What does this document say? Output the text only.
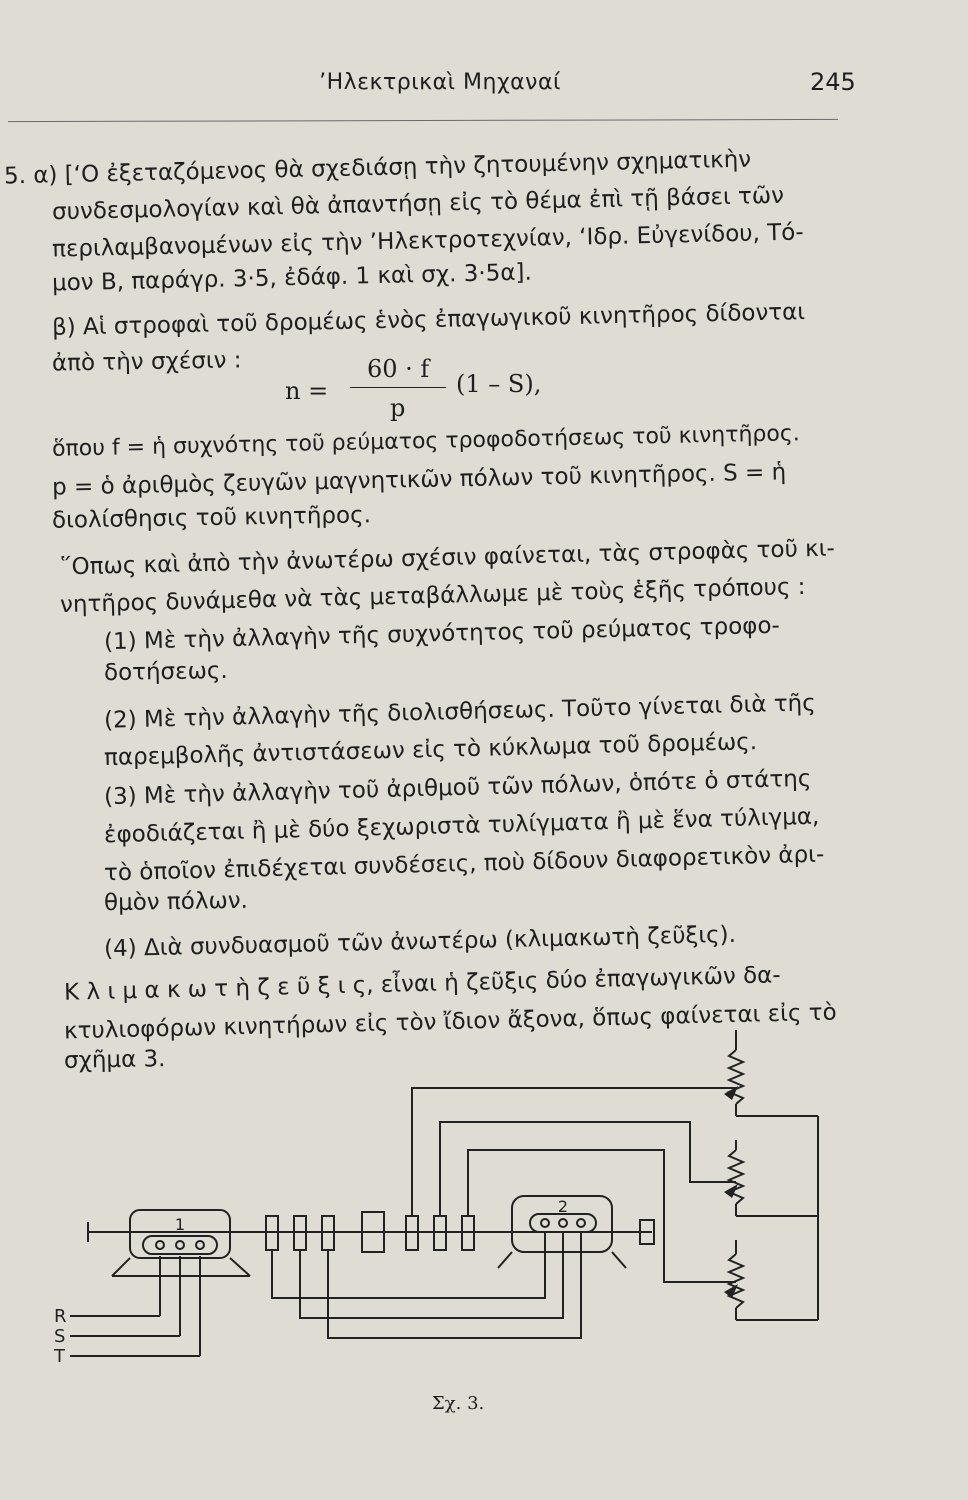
’Ηλεκτρικαὶ Μηχαναί	245
5. α) [‘Ο ἐξεταζόμενος θὰ σχεδιάσῃ τὴν ζητουμένην σχηματικὴν
συνδεσμολογίαν καὶ θὰ ἀπαντήσῃ εἰς τὸ θέμα ἐπὶ τῇ βάσει τῶν
περιλαμβανομένων εἰς τὴν ’Ηλεκτροτεχνίαν, ‘Ιδρ. Εὐγενίδου, Τό-
μον Β, παράγρ. 3·5, ἐδάφ. 1 καὶ σχ. 3·5α].
β) Αἱ στροφαὶ τοῦ δρομέως ἑνὸς ἐπαγωγικοῦ κινητῆρος δίδονται
ἀπὸ τὴν σχέσιν :
ὅπου f = ἡ συχνότης τοῦ ρεύματος τροφοδοτήσεως τοῦ κινητῆρος.
p = ὁ ἀριθμὸς ζευγῶν μαγνητικῶν πόλων τοῦ κινητῆρος. S = ἡ
διολίσθησις τοῦ κινητῆρος.
῞Οπως καὶ ἀπὸ τὴν ἀνωτέρω σχέσιν φαίνεται, τὰς στροφὰς τοῦ κι-
νητῆρος δυνάμεθα νὰ τὰς μεταβάλλωμε μὲ τοὺς ἑξῆς τρόπους :
(1) Μὲ τὴν ἀλλαγὴν τῆς συχνότητος τοῦ ρεύματος τροφο-
δοτήσεως.
(2) Μὲ τὴν ἀλλαγὴν τῆς διολισθήσεως. Τοῦτο γίνεται διὰ τῆς
παρεμβολῆς ἀντιστάσεων εἰς τὸ κύκλωμα τοῦ δρομέως.
(3) Μὲ τὴν ἀλλαγὴν τοῦ ἀριθμοῦ τῶν πόλων, ὁπότε ὁ στάτης
ἐφοδιάζεται ἢ μὲ δύο ξεχωριστὰ τυλίγματα ἢ μὲ ἕνα τύλιγμα,
τὸ ὁποῖον ἐπιδέχεται συνδέσεις, ποὺ δίδουν διαφορετικὸν ἀρι-
θμὸν πόλων.
(4) Διὰ συνδυασμοῦ τῶν ἀνωτέρω (κλιμακωτὴ ζεῦξις).
Κ λ ι μ α κ ω τ ὴ ζ ε ῦ ξ ι ς, εἶναι ἡ ζεῦξις δύο ἐπαγωγικῶν δα-
κτυλιοφόρων κινητήρων εἰς τὸν ἴδιον ἄξονα, ὅπως φαίνεται εἰς τὸ
σχῆμα 3.
n =
60 · f
p
(1 – S),
1
2
R
S
T
Σχ. 3.
